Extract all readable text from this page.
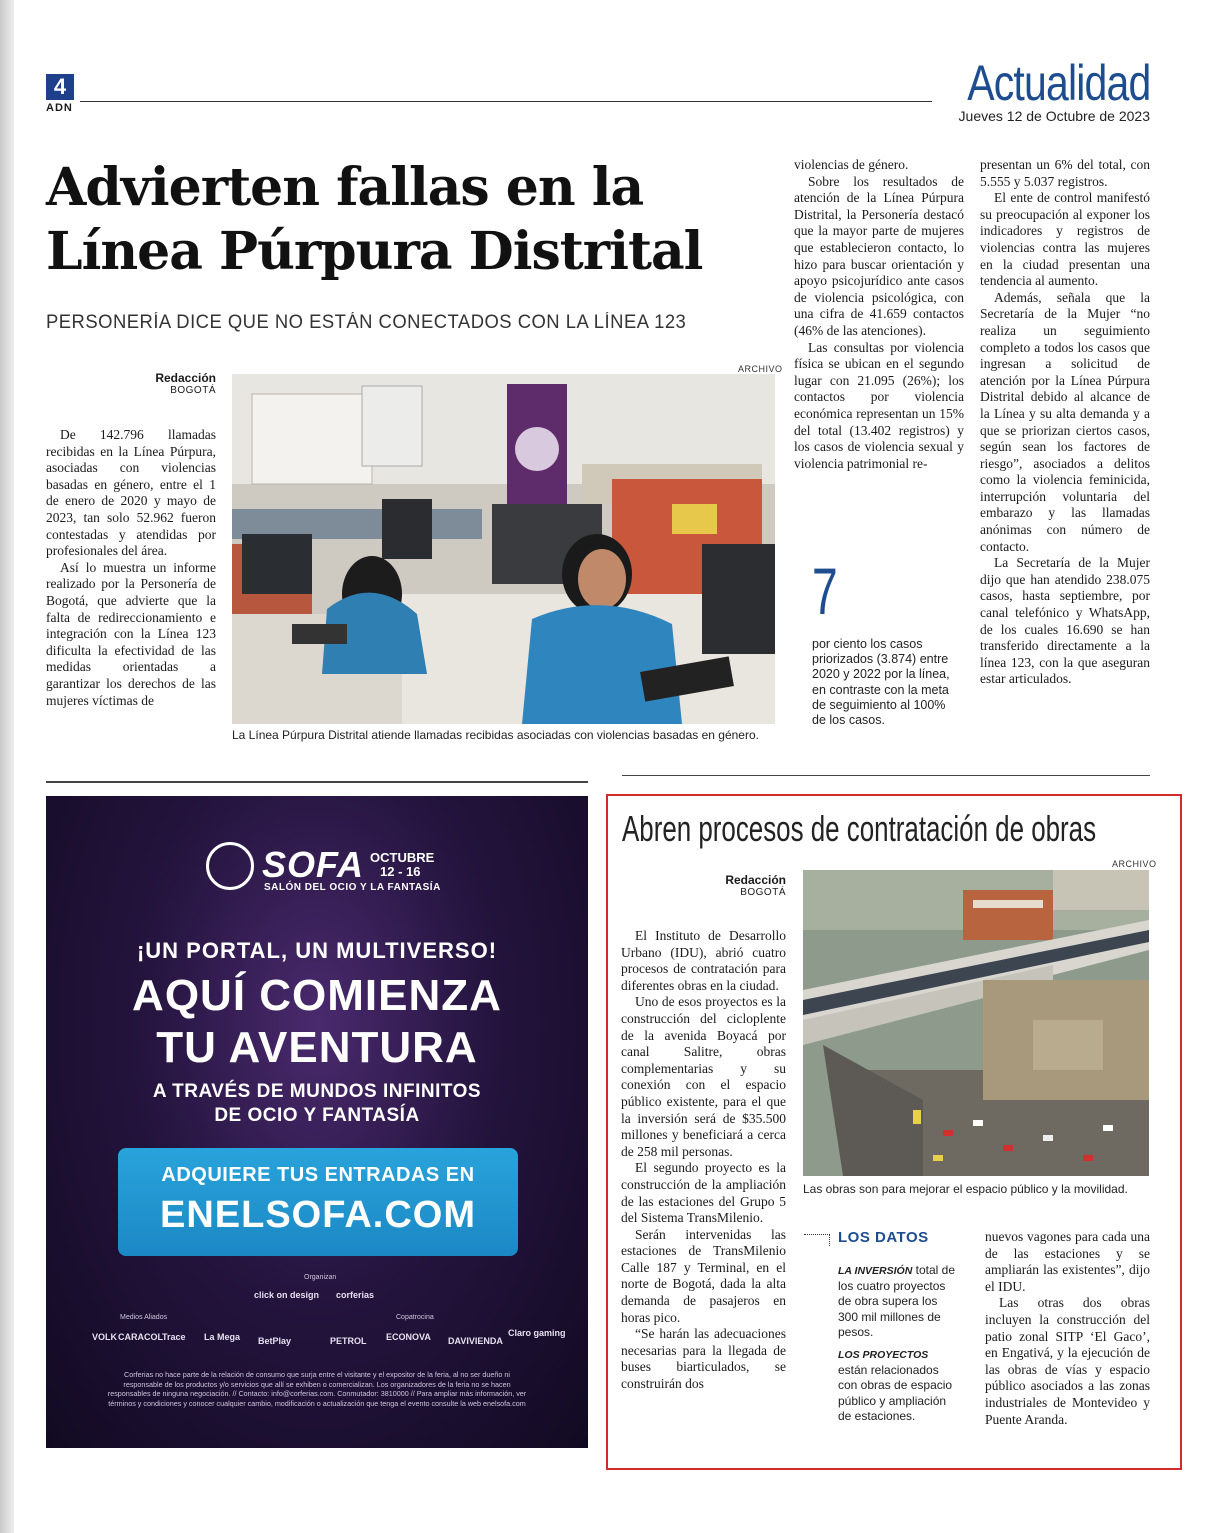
4
ADN	Actualidad
Jueves 12 de Octubre de 2023
Advierten fallas en la
Línea Púrpura Distrital
PERSONERÍA DICE QUE NO ESTÁN CONECTADOS CON LA LÍNEA 123
Redacción
BOGOTÁ

De 142.796 llamadas recibidas en la Línea Púrpura, asociadas con violencias basadas en género, entre el 1 de enero de 2020 y mayo de 2023, tan solo 52.962 fueron contestadas y atendidas por profesionales del área.

Así lo muestra un informe realizado por la Personería de Bogotá, que advierte que la falta de redireccionamiento e integración con la Línea 123 dificulta la efectividad de las medidas orientadas a garantizar los derechos de las mujeres víctimas de

ARCHIVO
La Línea Púrpura Distrital atiende llamadas recibidas asociadas con violencias basadas en género.

violencias de género.

Sobre los resultados de atención de la Línea Púrpura Distrital, la Personería destacó que la mayor parte de mujeres que establecieron contacto, lo hizo para buscar orientación y apoyo psicojurídico ante casos de violencia psicológica, con una cifra de 41.659 contactos (46% de las atenciones).

Las consultas por violencia física se ubican en el segundo lugar con 21.095 (26%); los contactos por violencia económica representan un 15% del total (13.402 registros) y los casos de violencia sexual y violencia patrimonial re-

7
por ciento los casos priorizados (3.874) entre 2020 y 2022 por la línea, en contraste con la meta de seguimiento al 100% de los casos.

presentan un 6% del total, con 5.555 y 5.037 registros.

El ente de control manifestó su preocupación al exponer los indicadores y registros de violencias contra las mujeres en la ciudad presentan una tendencia al aumento.

Además, señala que la Secretaría de la Mujer “no realiza un seguimiento completo a todos los casos que ingresan a solicitud de atención por la Línea Púrpura Distrital debido al alcance de la Línea y su alta demanda y a que se priorizan ciertos casos, según sean los factores de riesgo”, asociados a delitos como la violencia feminicida, interrupción voluntaria del embarazo y las llamadas anónimas con número de contacto.

La Secretaría de la Mujer dijo que han atendido 238.075 casos, hasta septiembre, por canal telefónico y WhatsApp, de los cuales 16.690 se han transferido directamente a la línea 123, con la que aseguran estar articulados.

SOFA OCTUBRE
12 - 16
SALÓN DEL OCIO Y LA FANTASÍA
¡UN PORTAL, UN MULTIVERSO!
AQUÍ COMIENZA
TU AVENTURA
A TRAVÉS DE MUNDOS INFINITOS
DE OCIO Y FANTASÍA
ADQUIERE TUS ENTRADAS EN
ENELSOFA.COM
Organizan
click on design corferias
Medios Aliados	Copatrocina
VOLK CARACOL Trace La Mega BetPlay	PETROL ECONOVA DAVIVIENDA
Claro gaming
Corferias no hace parte de la relación de consumo que surja entre el visitante y el expositor de la feria, al no ser dueño ni responsable de los productos y/o servicios que allí se exhiben o comercializan. Los organizadores de la feria no se hacen responsables de ninguna negociación. // Contacto: info@corferias.com. Conmutador: 3810000 // Para ampliar más información, ver términos y condiciones y conocer cualquier cambio, modificación o actualización que tenga el evento consulte la web enelsofa.com
Abren procesos de contratación de obras
Redacción
BOGOTÁ
ARCHIVO

El Instituto de Desarrollo Urbano (IDU), abrió cuatro procesos de contratación para diferentes obras en la ciudad.

Uno de esos proyectos es la construcción del cicloplente de la avenida Boyacá por canal Salitre, obras complementarias y su conexión con el espacio público existente, para el que la inversión será de $35.500 millones y beneficiará a cerca de 258 mil personas.

El segundo proyecto es la construcción de la ampliación de las estaciones del Grupo 5 del Sistema TransMilenio.

Serán intervenidas las estaciones de TransMilenio Calle 187 y Terminal, en el norte de Bogotá, dada la alta demanda de pasajeros en horas pico.

“Se harán las adecuaciones necesarias para la llegada de buses biarticulados, se construirán dos

Las obras son para mejorar el espacio público y la movilidad.
LOS DATOS
LA INVERSIÓN total de los cuatro proyectos de obra supera los 300 mil millones de pesos.
LOS PROYECTOS están relacionados con obras de espacio público y ampliación de estaciones.

nuevos vagones para cada una de las estaciones y se ampliarán las existentes”, dijo el IDU.

Las otras dos obras incluyen la construcción del patio zonal SITP ‘El Gaco’, en Engativá, y la ejecución de las obras de vías y espacio público asociados a las zonas industriales de Montevideo y Puente Aranda.
